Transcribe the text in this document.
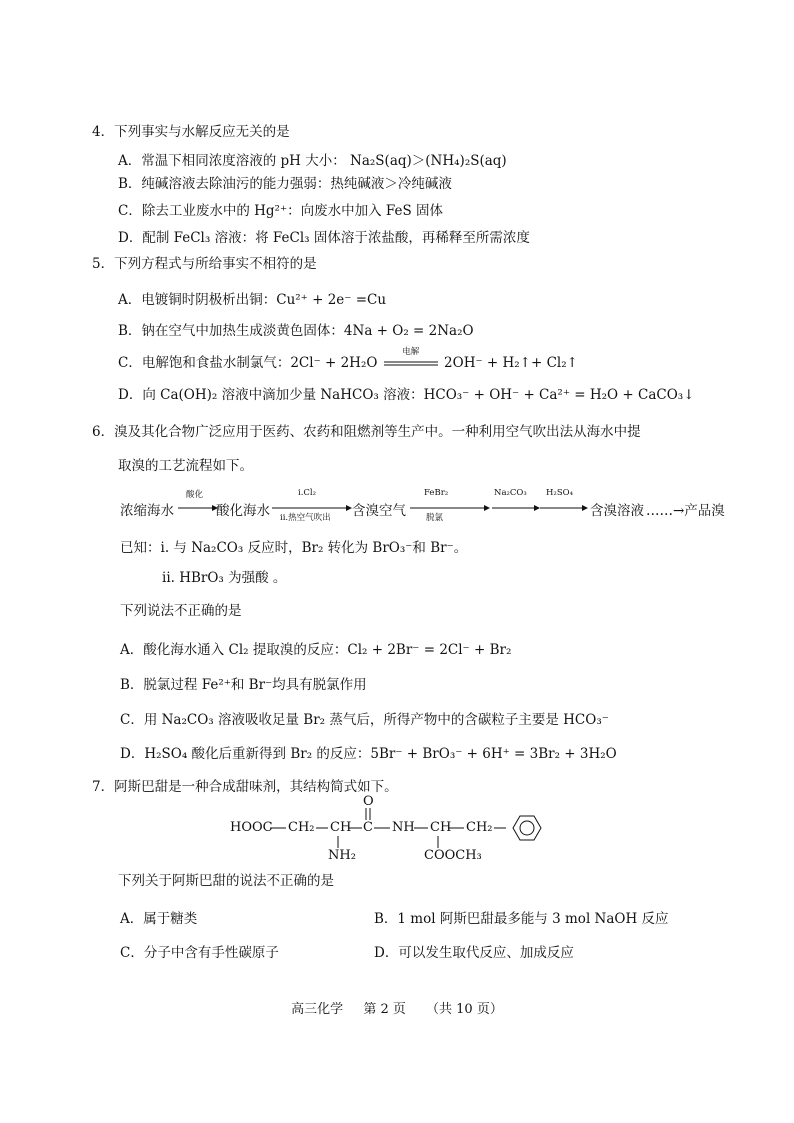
4．下列事实与水解反应无关的是
A．常温下相同浓度溶液的 pH 大小： Na₂S(aq)＞(NH₄)₂S(aq)
B．纯碱溶液去除油污的能力强弱：热纯碱液＞冷纯碱液
C．除去工业废水中的 Hg²⁺：向废水中加入 FeS 固体
D．配制 FeCl₃ 溶液：将 FeCl₃ 固体溶于浓盐酸，再稀释至所需浓度
5．下列方程式与所给事实不相符的是
A．电镀铜时阴极析出铜：Cu²⁺ + 2e⁻ =Cu
B．钠在空气中加热生成淡黄色固体：4Na + O₂ = 2Na₂O
C．电解饱和食盐水制氯气：2Cl⁻ + 2H₂O
电解
2OH⁻ + H₂↑+ Cl₂↑
D．向 Ca(OH)₂ 溶液中滴加少量 NaHCO₃ 溶液：HCO₃⁻ + OH⁻ + Ca²⁺ = H₂O + CaCO₃↓
6．溴及其化合物广泛应用于医药、农药和阻燃剂等生产中。一种利用空气吹出法从海水中提
取溴的工艺流程如下。
浓缩海水
酸化
酸化海水
i.Cl₂
ii.热空气吹出 含溴空气
FeBr₂
脱氯
Na₂CO₃ H₂SO₄
含溴溶液 ……→产品溴
已知：i. 与 Na₂CO₃ 反应时，Br₂ 转化为 BrO₃⁻和 Br⁻。
ii. HBrO₃ 为强酸 。
下列说法不正确的是
A．酸化海水通入 Cl₂ 提取溴的反应：Cl₂ + 2Br⁻ = 2Cl⁻ + Br₂
B．脱氯过程 Fe²⁺和 Br⁻均具有脱氯作用
C．用 Na₂CO₃ 溶液吸收足量 Br₂ 蒸气后，所得产物中的含碳粒子主要是 HCO₃⁻
D．H₂SO₄ 酸化后重新得到 Br₂ 的反应：5Br⁻ + BrO₃⁻ + 6H⁺ = 3Br₂ + 3H₂O
7．阿斯巴甜是一种合成甜味剂，其结构简式如下。
HOOC CH₂ CH C
O
NH CH CH₂
NH₂	COOCH₃
下列关于阿斯巴甜的说法不正确的是
A．属于糖类	B．1 mol 阿斯巴甜最多能与 3 mol NaOH 反应
C．分子中含有手性碳原子	D．可以发生取代反应、加成反应
高三化学 第 2 页 （共 10 页）
